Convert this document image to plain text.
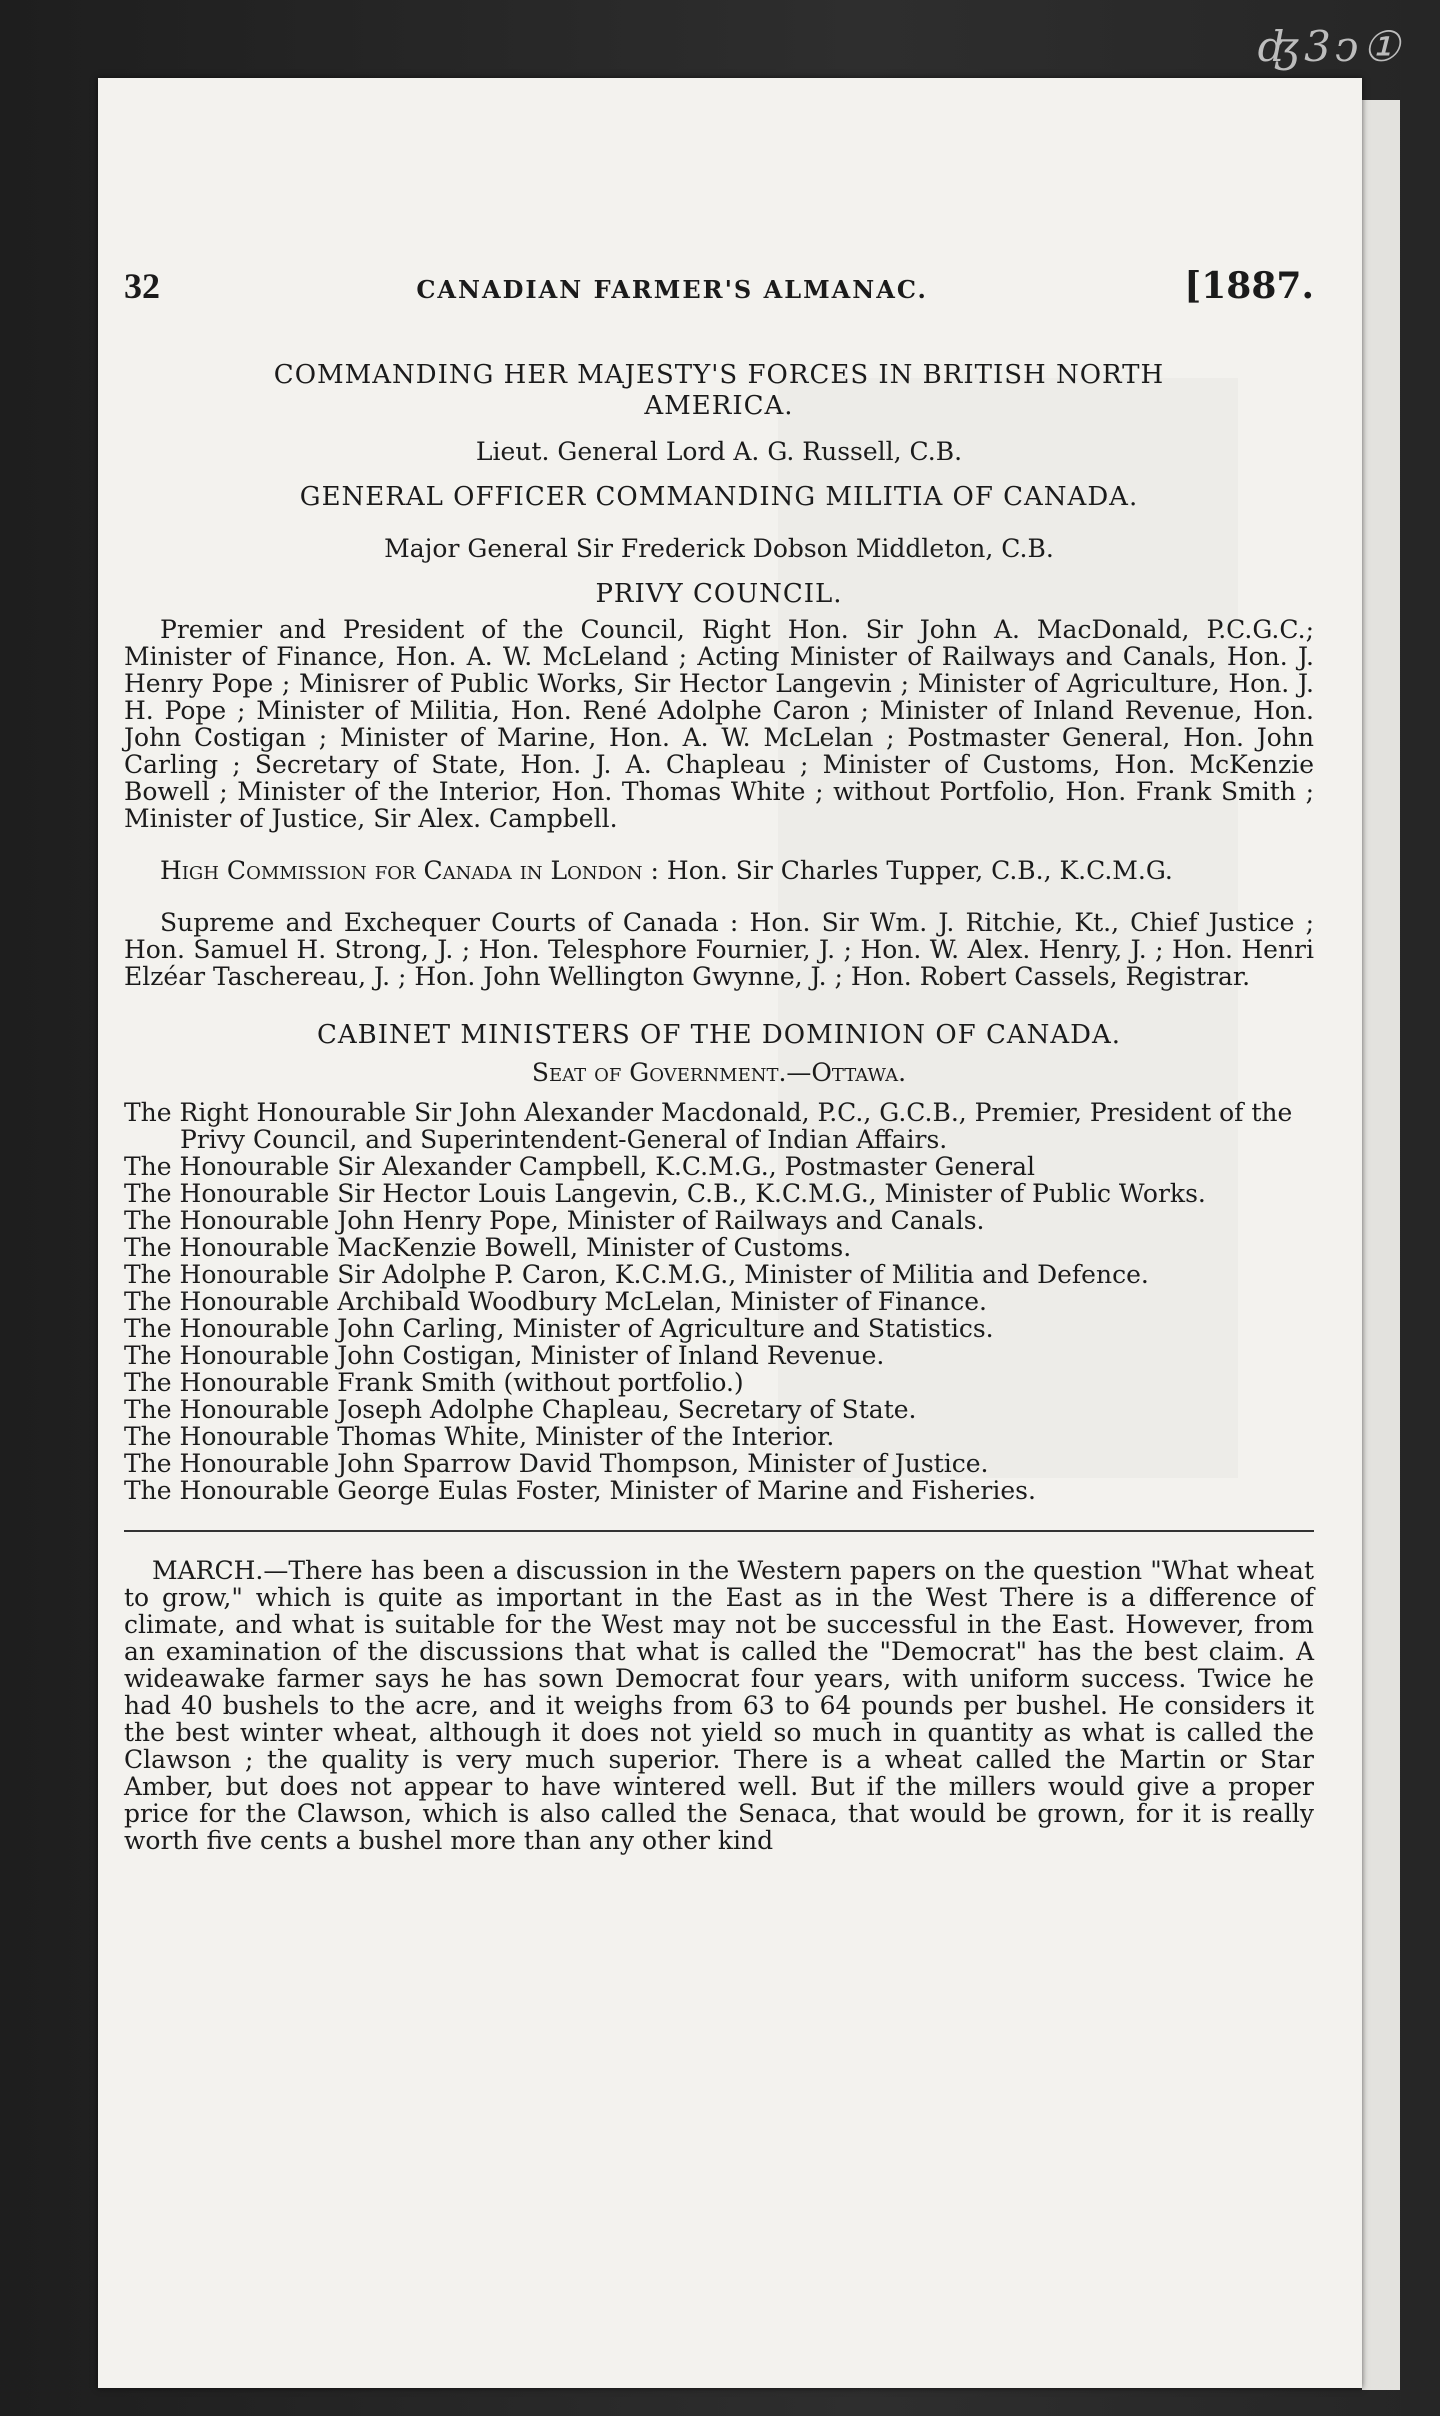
ʤ3ͻ①
32	CANADIAN FARMER'S ALMANAC.	[1887.
COMMANDING HER MAJESTY'S FORCES IN BRITISH NORTH
AMERICA.
Lieut. General Lord A. G. Russell, C.B.
GENERAL OFFICER COMMANDING MILITIA OF CANADA.
Major General Sir Frederick Dobson Middleton, C.B.
PRIVY COUNCIL.

Premier and President of the Council, Right Hon. Sir John A. MacDonald, P.C.G.C.; Minister of Finance, Hon. A. W. McLeland ; Acting Minister of Railways and Canals, Hon. J. Henry Pope ; Minisrer of Public Works, Sir Hector Langevin ; Minister of Agriculture, Hon. J. H. Pope ; Minister of Militia, Hon. René Adolphe Caron ; Minister of Inland Revenue, Hon. John Costigan ; Minister of Marine, Hon. A. W. McLelan ; Postmaster General, Hon. John Carling ; Secretary of State, Hon. J. A. Chapleau ; Minister of Customs, Hon. McKenzie Bowell ; Minister of the Interior, Hon. Thomas White ; without Portfolio, Hon. Frank Smith ; Minister of Justice, Sir Alex. Campbell.

High Commission for Canada in London : Hon. Sir Charles Tupper, C.B., K.C.M.G.

Supreme and Exchequer Courts of Canada : Hon. Sir Wm. J. Ritchie, Kt., Chief Justice ; Hon. Samuel H. Strong, J. ; Hon. Telesphore Fournier, J. ; Hon. W. Alex. Henry, J. ; Hon. Henri Elzéar Taschereau, J. ; Hon. John Wellington Gwynne, J. ; Hon. Robert Cassels, Registrar.

CABINET MINISTERS OF THE DOMINION OF CANADA.
Seat of Government.—Ottawa.

The Right Honourable Sir John Alexander Macdonald, P.C., G.C.B., Premier, President of the Privy Council, and Superintendent-General of Indian Affairs.

The Honourable Sir Alexander Campbell, K.C.M.G., Postmaster General

The Honourable Sir Hector Louis Langevin, C.B., K.C.M.G., Minister of Public Works.

The Honourable John Henry Pope, Minister of Railways and Canals.

The Honourable MacKenzie Bowell, Minister of Customs.

The Honourable Sir Adolphe P. Caron, K.C.M.G., Minister of Militia and Defence.

The Honourable Archibald Woodbury McLelan, Minister of Finance.

The Honourable John Carling, Minister of Agriculture and Statistics.

The Honourable John Costigan, Minister of Inland Revenue.

The Honourable Frank Smith (without portfolio.)

The Honourable Joseph Adolphe Chapleau, Secretary of State.

The Honourable Thomas White, Minister of the Interior.

The Honourable John Sparrow David Thompson, Minister of Justice.

The Honourable George Eulas Foster, Minister of Marine and Fisheries.

MARCH.—There has been a discussion in the Western papers on the question "What wheat to grow," which is quite as important in the East as in the West There is a difference of climate, and what is suitable for the West may not be successful in the East. However, from an examination of the discussions that what is called the "Democrat" has the best claim. A wideawake farmer says he has sown Democrat four years, with uniform success. Twice he had 40 bushels to the acre, and it weighs from 63 to 64 pounds per bushel. He considers it the best winter wheat, although it does not yield so much in quantity as what is called the Clawson ; the quality is very much superior. There is a wheat called the Martin or Star Amber, but does not appear to have wintered well. But if the millers would give a proper price for the Clawson, which is also called the Senaca, that would be grown, for it is really worth five cents a bushel more than any other kind
